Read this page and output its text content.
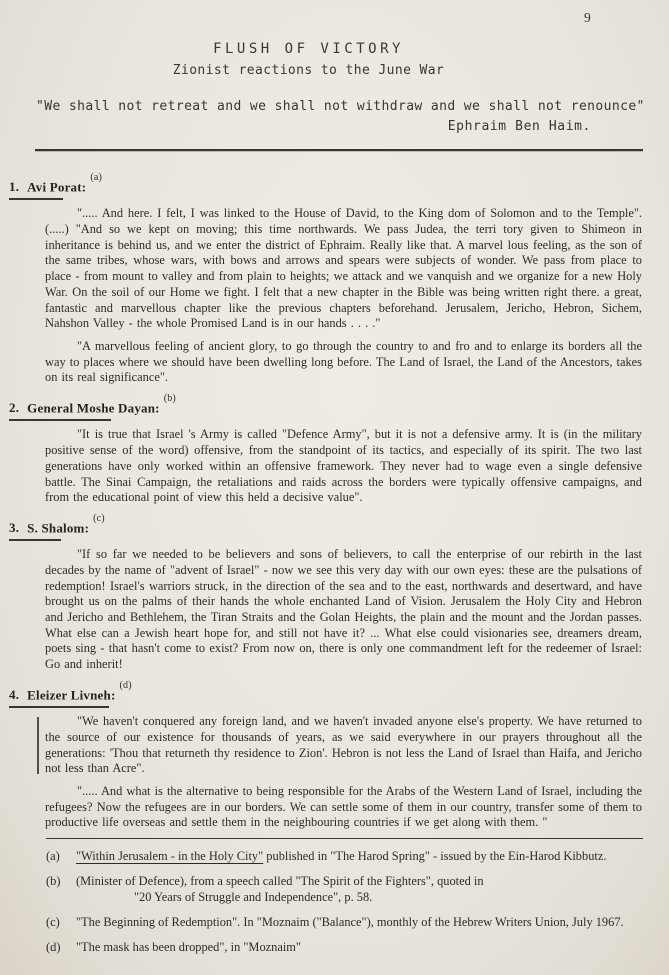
9
FLUSH OF VICTORY
Zionist reactions to the June War
"We shall not retreat and we shall not withdraw and we shall not renounce"
Ephraim Ben Haim.
1. Avi Porat:$^{(a)}$

"..... And here. I felt, I was linked to the House of David, to the King dom of Solomon and to the Temple". (.....) "And so we kept on moving; this time northwards. We pass Judea, the terri tory given to Shimeon in inheritance is behind us, and we enter the district of Ephraim. Really like that. A marvel lous feeling, as the son of the same tribes, whose wars, with bows and arrows and spears were subjects of wonder. We pass from place to place - from mount to valley and from plain to heights; we attack and we vanquish and we organize for a new Holy War. On the soil of our Home we fight. I felt that a new chapter in the Bible was being written right there. a great, fantastic and marvellous chapter like the previous chapters beforehand. Jerusalem, Jericho, Hebron, Sichem, Nahshon Valley - the whole Promised Land is in our hands . . . ."

"A marvellous feeling of ancient glory, to go through the country to and fro and to enlarge its borders all the way to places where we should have been dwelling long before. The Land of Israel, the Land of the Ancestors, takes on its real significance".

2. General Moshe Dayan:$^{(b)}$

"It is true that Israel 's Army is called "Defence Army", but it is not a defensive army. It is (in the military positive sense of the word) offensive, from the standpoint of its tactics, and especially of its spirit. The two last generations have only worked within an offensive framework. They never had to wage even a single defensive battle. The Sinai Campaign, the retaliations and raids across the borders were typically offensive campaigns, and from the educational point of view this held a decisive value".

3. S. Shalom:$^{(c)}$

"If so far we needed to be believers and sons of believers, to call the enterprise of our rebirth in the last decades by the name of "advent of Israel" - now we see this very day with our own eyes: these are the pulsations of redemption! Israel's warriors struck, in the direction of the sea and to the east, northwards and desertward, and have brought us on the palms of their hands the whole enchanted Land of Vision. Jerusalem the Holy City and Hebron and Jericho and Bethlehem, the Tiran Straits and the Golan Heights, the plain and the mount and the Jordan passes. What else can a Jewish heart hope for, and still not have it? ... What else could visionaries see, dreamers dream, poets sing - that hasn't come to exist? From now on, there is only one commandment left for the redeemer of Israel: Go and inherit!

4. Eleizer Livneh:$^{(d)}$

"We haven't conquered any foreign land, and we haven't invaded anyone else's property. We have returned to the source of our existence for thousands of years, as we said everywhere in our prayers throughout all the generations: 'Thou that returneth thy residence to Zion'. Hebron is not less the Land of Israel than Haifa, and Jericho not less than Acre".

"..... And what is the alternative to being responsible for the Arabs of the Western Land of Israel, including the refugees? Now the refugees are in our borders. We can settle some of them in our country, transfer some of them to productive life overseas and settle them in the neighbouring countries if we get along with them. "

(a)	"Within Jerusalem - in the Holy City" published in "The Harod Spring" - issued by the Ein-Harod Kibbutz.
(b)	(Minister of Defence), from a speech called "The Spirit of the Fighters", quoted in
"20 Years of Struggle and Independence", p. 58.
(c)	"The Beginning of Redemption". In "Moznaim ("Balance"), monthly of the Hebrew Writers Union, July 1967.
(d)	"The mask has been dropped", in "Moznaim"
